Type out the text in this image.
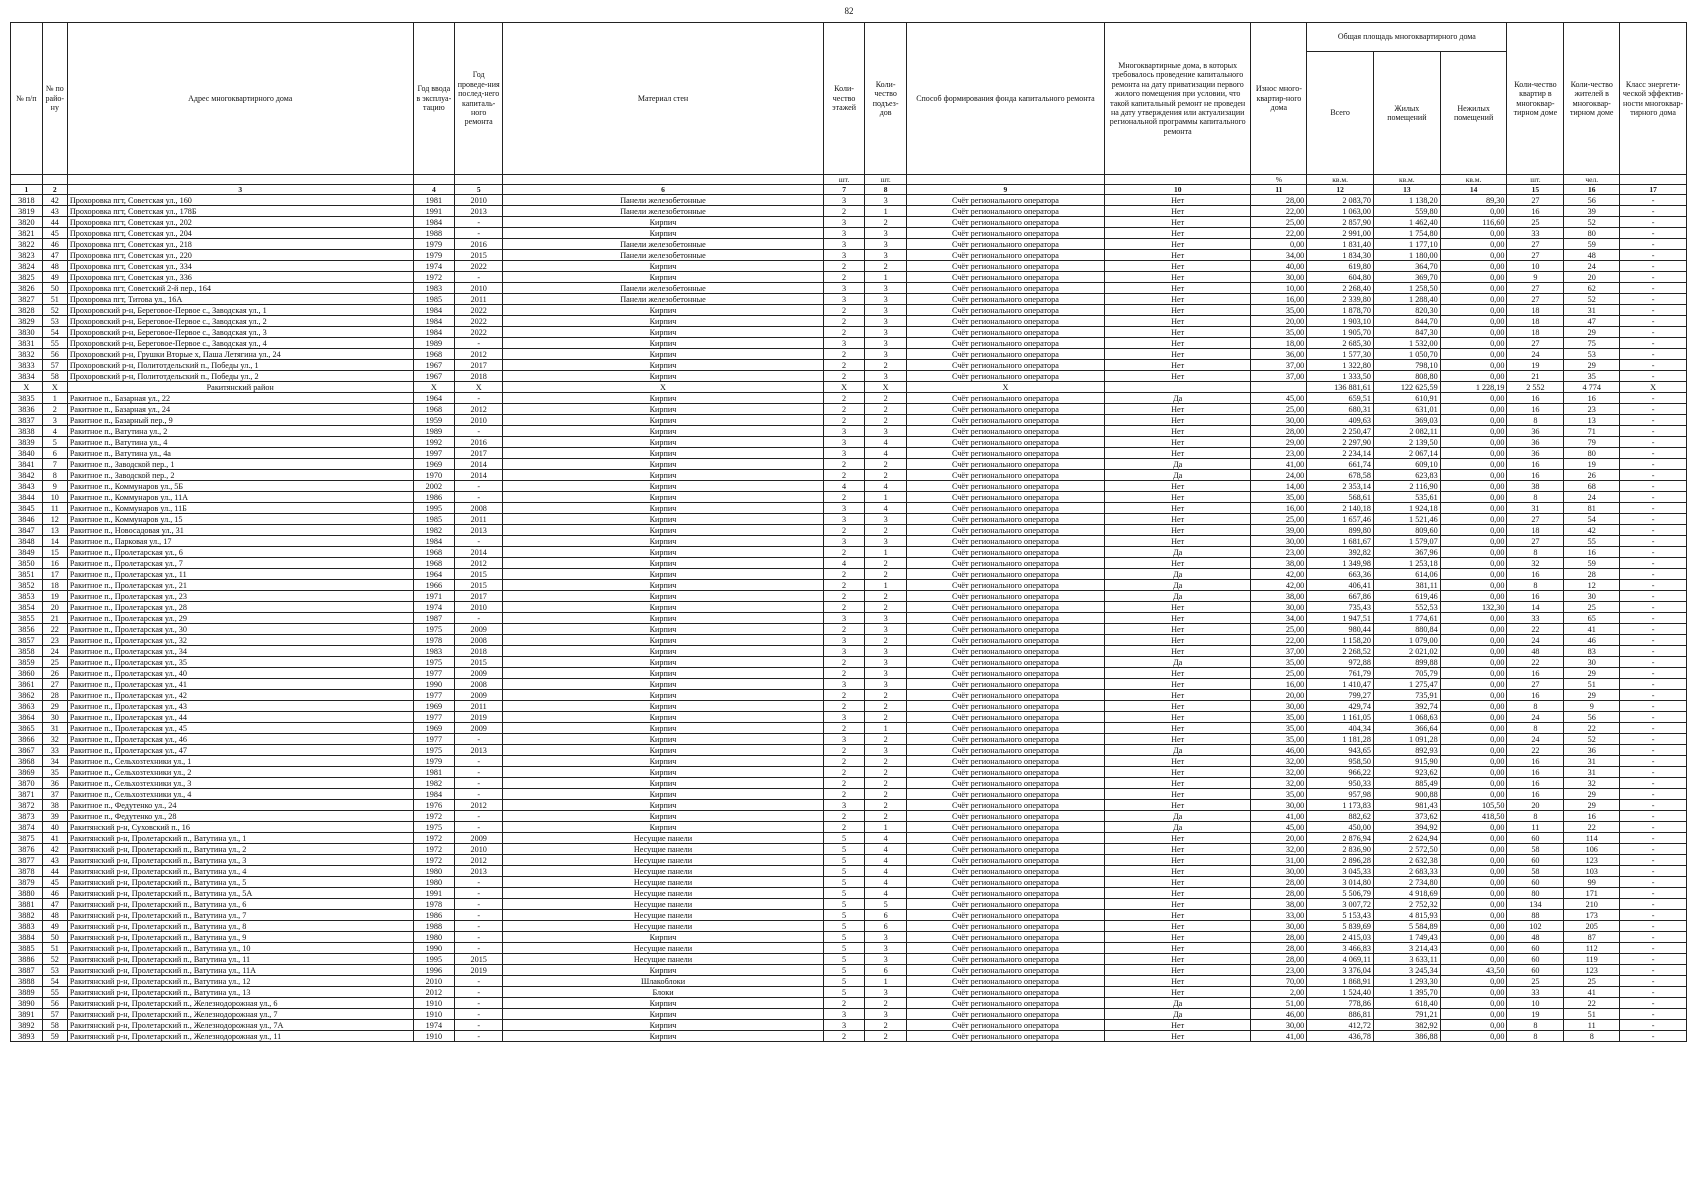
82
№ п/п	№ по райо-ну	Адрес многоквартирного дома	Год ввода в эксплуа-тацию	Год проведе-ния послед-него капиталь-ного ремонта	Материал стен	Коли-чество этажей	Коли-чество подъез-дов	Способ формирования фонда капитального ремонта	Многоквартирные дома, в которых требовалось проведение капитального ремонта на дату приватизации первого жилого помещения при условии, что такой капитальный ремонт не проведен на дату утверждения или актуализации региональной программы капитального ремонта	Износ много-квартир-ного дома	Общая площадь многоквартирного дома			Коли-чество квартир в многоквар-тирном доме	Коли-чество жителей в многоквар-тирном доме	Класс энергети-ческой эффектив-ности многоквар-тирного дома
											Всего	Жилых помещений	Нежилых помещений			
						шт.	шт.			%	кв.м.	кв.м.	кв.м.	шт.	чел.	
1	2	3	4	5	6	7	8	9	10	11	12	13	14	15	16	17
3818	42	Прохоровка пгт, Советская ул., 160	1981	2010	Панели железобетонные	3	3	Счёт регионального оператора	Нет	28,00	2 083,70	1 138,20	89,30	27	56	-
3819	43	Прохоровка пгт, Советская ул., 178Б	1991	2013	Панели железобетонные	2	1	Счёт регионального оператора	Нет	22,00	1 063,00	559,80	0,00	16	39	-
3820	44	Прохоровка пгт, Советская ул., 202	1984	-	Кирпич	3	2	Счёт регионального оператора	Нет	25,00	2 857,90	1 462,40	116,60	25	52	-
3821	45	Прохоровка пгт, Советская ул., 204	1988	-	Кирпич	3	3	Счёт регионального оператора	Нет	22,00	2 991,00	1 754,80	0,00	33	80	-
3822	46	Прохоровка пгт, Советская ул., 218	1979	2016	Панели железобетонные	3	3	Счёт регионального оператора	Нет	0,00	1 831,40	1 177,10	0,00	27	59	-
3823	47	Прохоровка пгт, Советская ул., 220	1979	2015	Панели железобетонные	3	3	Счёт регионального оператора	Нет	34,00	1 834,30	1 180,00	0,00	27	48	-
3824	48	Прохоровка пгт, Советская ул., 334	1974	2022	Кирпич	2	2	Счёт регионального оператора	Нет	40,00	619,80	364,70	0,00	10	24	-
3825	49	Прохоровка пгт, Советская ул., 336	1972	-	Кирпич	2	1	Счёт регионального оператора	Нет	30,00	604,80	369,70	0,00	9	20	-
3826	50	Прохоровка пгт, Советский 2-й пер., 164	1983	2010	Панели железобетонные	3	3	Счёт регионального оператора	Нет	10,00	2 268,40	1 258,50	0,00	27	62	-
3827	51	Прохоровка пгт, Титова ул., 16А	1985	2011	Панели железобетонные	3	3	Счёт регионального оператора	Нет	16,00	2 339,80	1 288,40	0,00	27	52	-
3828	52	Прохоровский р-н, Береговое-Первое с., Заводская ул., 1	1984	2022	Кирпич	2	3	Счёт регионального оператора	Нет	35,00	1 878,70	820,30	0,00	18	31	-
3829	53	Прохоровский р-н, Береговое-Первое с., Заводская ул., 2	1984	2022	Кирпич	2	3	Счёт регионального оператора	Нет	20,00	1 903,10	844,70	0,00	18	47	-
3830	54	Прохоровский р-н, Береговое-Первое с., Заводская ул., 3	1984	2022	Кирпич	2	3	Счёт регионального оператора	Нет	35,00	1 905,70	847,30	0,00	18	29	-
3831	55	Прохоровский р-н, Береговое-Первое с., Заводская ул., 4	1989	-	Кирпич	3	3	Счёт регионального оператора	Нет	18,00	2 685,30	1 532,00	0,00	27	75	-
3832	56	Прохоровский р-н, Грушки Вторые х, Паша Летягина ул., 24	1968	2012	Кирпич	2	3	Счёт регионального оператора	Нет	36,00	1 577,30	1 050,70	0,00	24	53	-
3833	57	Прохоровский р-н, Политотдельский п., Победы ул., 1	1967	2017	Кирпич	2	2	Счёт регионального оператора	Нет	37,00	1 322,80	798,10	0,00	19	29	-
3834	58	Прохоровский р-н, Политотдельский п., Победы ул., 2	1967	2018	Кирпич	2	3	Счёт регионального оператора	Нет	37,00	1 333,50	808,80	0,00	21	35	-
X	X	Ракитянский район	X	X	X	X	X	X			136 881,61	122 625,59	1 228,19	2 552	4 774	X
3835	1	Ракитное п., Базарная ул., 22	1964	-	Кирпич	2	2	Счёт регионального оператора	Да	45,00	659,51	610,91	0,00	16	16	-
3836	2	Ракитное п., Базарная ул., 24	1968	2012	Кирпич	2	2	Счёт регионального оператора	Нет	25,00	680,31	631,01	0,00	16	23	-
3837	3	Ракитное п., Базарный пер., 9	1959	2010	Кирпич	2	2	Счёт регионального оператора	Нет	30,00	409,63	369,03	0,00	8	13	-
3838	4	Ракитное п., Ватутина ул., 2	1989	-	Кирпич	3	3	Счёт регионального оператора	Нет	28,00	2 250,47	2 082,11	0,00	36	71	-
3839	5	Ракитное п., Ватутина ул., 4	1992	2016	Кирпич	3	4	Счёт регионального оператора	Нет	29,00	2 297,90	2 139,50	0,00	36	79	-
3840	6	Ракитное п., Ватутина ул., 4а	1997	2017	Кирпич	3	4	Счёт регионального оператора	Нет	23,00	2 234,14	2 067,14	0,00	36	80	-
3841	7	Ракитное п., Заводской пер., 1	1969	2014	Кирпич	2	2	Счёт регионального оператора	Да	41,00	661,74	609,10	0,00	16	19	-
3842	8	Ракитное п., Заводской пер., 2	1970	2014	Кирпич	2	2	Счёт регионального оператора	Да	24,00	678,58	623,83	0,00	16	26	-
3843	9	Ракитное п., Коммунаров ул., 5Б	2002	-	Кирпич	4	4	Счёт регионального оператора	Нет	14,00	2 353,14	2 116,90	0,00	38	68	-
3844	10	Ракитное п., Коммунаров ул., 11А	1986	-	Кирпич	2	1	Счёт регионального оператора	Нет	35,00	568,61	535,61	0,00	8	24	-
3845	11	Ракитное п., Коммунаров ул., 11Б	1995	2008	Кирпич	3	4	Счёт регионального оператора	Нет	16,00	2 140,18	1 924,18	0,00	31	81	-
3846	12	Ракитное п., Коммунаров ул., 15	1985	2011	Кирпич	3	3	Счёт регионального оператора	Нет	25,00	1 657,46	1 521,46	0,00	27	54	-
3847	13	Ракитное п., Новосадовая ул., 31	1982	2013	Кирпич	2	2	Счёт регионального оператора	Нет	39,00	899,80	809,60	0,00	18	42	-
3848	14	Ракитное п., Парковая ул., 17	1984	-	Кирпич	3	3	Счёт регионального оператора	Нет	30,00	1 681,67	1 579,07	0,00	27	55	-
3849	15	Ракитное п., Пролетарская ул., 6	1968	2014	Кирпич	2	1	Счёт регионального оператора	Да	23,00	392,82	367,96	0,00	8	16	-
3850	16	Ракитное п., Пролетарская ул., 7	1968	2012	Кирпич	4	2	Счёт регионального оператора	Нет	38,00	1 349,98	1 253,18	0,00	32	59	-
3851	17	Ракитное п., Пролетарская ул., 11	1964	2015	Кирпич	2	2	Счёт регионального оператора	Да	42,00	663,36	614,06	0,00	16	28	-
3852	18	Ракитное п., Пролетарская ул., 21	1966	2015	Кирпич	2	1	Счёт регионального оператора	Да	42,00	406,41	381,11	0,00	8	12	-
3853	19	Ракитное п., Пролетарская ул., 23	1971	2017	Кирпич	2	2	Счёт регионального оператора	Да	38,00	667,86	619,46	0,00	16	30	-
3854	20	Ракитное п., Пролетарская ул., 28	1974	2010	Кирпич	2	2	Счёт регионального оператора	Нет	30,00	735,43	552,53	132,30	14	25	-
3855	21	Ракитное п., Пролетарская ул., 29	1987	-	Кирпич	3	3	Счёт регионального оператора	Нет	34,00	1 947,51	1 774,61	0,00	33	65	-
3856	22	Ракитное п., Пролетарская ул., 30	1975	2009	Кирпич	2	3	Счёт регионального оператора	Нет	25,00	980,44	880,84	0,00	22	41	-
3857	23	Ракитное п., Пролетарская ул., 32	1978	2008	Кирпич	3	2	Счёт регионального оператора	Нет	22,00	1 158,20	1 079,00	0,00	24	46	-
3858	24	Ракитное п., Пролетарская ул., 34	1983	2018	Кирпич	3	3	Счёт регионального оператора	Нет	37,00	2 268,52	2 021,02	0,00	48	83	-
3859	25	Ракитное п., Пролетарская ул., 35	1975	2015	Кирпич	2	3	Счёт регионального оператора	Да	35,00	972,88	899,88	0,00	22	30	-
3860	26	Ракитное п., Пролетарская ул., 40	1977	2009	Кирпич	2	3	Счёт регионального оператора	Нет	25,00	761,79	705,79	0,00	16	29	-
3861	27	Ракитное п., Пролетарская ул., 41	1990	2008	Кирпич	3	3	Счёт регионального оператора	Нет	16,00	1 410,47	1 275,47	0,00	27	51	-
3862	28	Ракитное п., Пролетарская ул., 42	1977	2009	Кирпич	2	2	Счёт регионального оператора	Нет	20,00	799,27	735,91	0,00	16	29	-
3863	29	Ракитное п., Пролетарская ул., 43	1969	2011	Кирпич	2	2	Счёт регионального оператора	Нет	30,00	429,74	392,74	0,00	8	9	-
3864	30	Ракитное п., Пролетарская ул., 44	1977	2019	Кирпич	3	2	Счёт регионального оператора	Нет	35,00	1 161,05	1 068,63	0,00	24	56	-
3865	31	Ракитное п., Пролетарская ул., 45	1969	2009	Кирпич	2	1	Счёт регионального оператора	Нет	35,00	404,34	366,64	0,00	8	22	-
3866	32	Ракитное п., Пролетарская ул., 46	1977	-	Кирпич	3	2	Счёт регионального оператора	Нет	35,00	1 181,28	1 091,28	0,00	24	52	-
3867	33	Ракитное п., Пролетарская ул., 47	1975	2013	Кирпич	2	3	Счёт регионального оператора	Да	46,00	943,65	892,93	0,00	22	36	-
3868	34	Ракитное п., Сельхозтехники ул., 1	1979	-	Кирпич	2	2	Счёт регионального оператора	Нет	32,00	958,50	915,90	0,00	16	31	-
3869	35	Ракитное п., Сельхозтехники ул., 2	1981	-	Кирпич	2	2	Счёт регионального оператора	Нет	32,00	966,22	923,62	0,00	16	31	-
3870	36	Ракитное п., Сельхозтехники ул., 3	1982	-	Кирпич	2	2	Счёт регионального оператора	Нет	32,00	950,33	885,49	0,00	16	32	-
3871	37	Ракитное п., Сельхозтехники ул., 4	1984	-	Кирпич	2	2	Счёт регионального оператора	Нет	35,00	957,98	900,88	0,00	16	29	-
3872	38	Ракитное п., Федутенко ул., 24	1976	2012	Кирпич	3	2	Счёт регионального оператора	Нет	30,00	1 173,83	981,43	105,50	20	29	-
3873	39	Ракитное п., Федутенко ул., 28	1972	-	Кирпич	2	2	Счёт регионального оператора	Да	41,00	882,62	373,62	418,50	8	16	-
3874	40	Ракитянский р-н, Суховский п., 16	1975	-	Кирпич	2	1	Счёт регионального оператора	Да	45,00	450,00	394,92	0,00	11	22	-
3875	41	Ракитянский р-н, Пролетарский п., Ватутина ул., 1	1972	2009	Несущие панели	5	4	Счёт регионального оператора	Нет	20,00	2 876,94	2 624,94	0,00	60	114	-
3876	42	Ракитянский р-н, Пролетарский п., Ватутина ул., 2	1972	2010	Несущие панели	5	4	Счёт регионального оператора	Нет	32,00	2 836,90	2 572,50	0,00	58	106	-
3877	43	Ракитянский р-н, Пролетарский п., Ватутина ул., 3	1972	2012	Несущие панели	5	4	Счёт регионального оператора	Нет	31,00	2 896,28	2 632,38	0,00	60	123	-
3878	44	Ракитянский р-н, Пролетарский п., Ватутина ул., 4	1980	2013	Несущие панели	5	4	Счёт регионального оператора	Нет	30,00	3 045,33	2 683,33	0,00	58	103	-
3879	45	Ракитянский р-н, Пролетарский п., Ватутина ул., 5	1980	-	Несущие панели	5	4	Счёт регионального оператора	Нет	28,00	3 014,80	2 734,80	0,00	60	99	-
3880	46	Ракитянский р-н, Пролетарский п., Ватутина ул., 5А	1991	-	Несущие панели	5	4	Счёт регионального оператора	Нет	28,00	5 506,79	4 918,69	0,00	80	171	-
3881	47	Ракитянский р-н, Пролетарский п., Ватутина ул., 6	1978	-	Несущие панели	5	5	Счёт регионального оператора	Нет	38,00	3 007,72	2 752,32	0,00	134	210	-
3882	48	Ракитянский р-н, Пролетарский п., Ватутина ул., 7	1986	-	Несущие панели	5	6	Счёт регионального оператора	Нет	33,00	5 153,43	4 815,93	0,00	88	173	-
3883	49	Ракитянский р-н, Пролетарский п., Ватутина ул., 8	1988	-	Несущие панели	5	6	Счёт регионального оператора	Нет	30,00	5 839,69	5 584,89	0,00	102	205	-
3884	50	Ракитянский р-н, Пролетарский п., Ватутина ул., 9	1980	-	Кирпич	5	3	Счёт регионального оператора	Нет	28,00	2 415,03	1 749,43	0,00	48	87	-
3885	51	Ракитянский р-н, Пролетарский п., Ватутина ул., 10	1990	-	Несущие панели	5	3	Счёт регионального оператора	Нет	28,00	3 466,83	3 214,43	0,00	60	112	-
3886	52	Ракитянский р-н, Пролетарский п., Ватутина ул., 11	1995	2015	Несущие панели	5	3	Счёт регионального оператора	Нет	28,00	4 069,11	3 633,11	0,00	60	119	-
3887	53	Ракитянский р-н, Пролетарский п., Ватутина ул., 11А	1996	2019	Кирпич	5	6	Счёт регионального оператора	Нет	23,00	3 376,04	3 245,34	43,50	60	123	-
3888	54	Ракитянский р-н, Пролетарский п., Ватутина ул., 12	2010	-	Шлакоблоки	5	1	Счёт регионального оператора	Нет	70,00	1 868,91	1 293,30	0,00	25	25	-
3889	55	Ракитянский р-н, Пролетарский п., Ватутина ул., 13	2012	-	Блоки	5	3	Счёт регионального оператора	Нет	2,00	1 524,40	1 395,70	0,00	33	41	-
3890	56	Ракитянский р-н, Пролетарский п., Железнодорожная ул., 6	1910	-	Кирпич	2	2	Счёт регионального оператора	Да	51,00	778,86	618,40	0,00	10	22	-
3891	57	Ракитянский р-н, Пролетарский п., Железнодорожная ул., 7	1910	-	Кирпич	3	3	Счёт регионального оператора	Да	46,00	886,81	791,21	0,00	19	51	-
3892	58	Ракитянский р-н, Пролетарский п., Железнодорожная ул., 7А	1974	-	Кирпич	3	2	Счёт регионального оператора	Нет	30,00	412,72	382,92	0,00	8	11	-
3893	59	Ракитянский р-н, Пролетарский п., Железнодорожная ул., 11	1910	-	Кирпич	2	2	Счёт регионального оператора	Нет	41,00	436,78	386,88	0,00	8	8	-
